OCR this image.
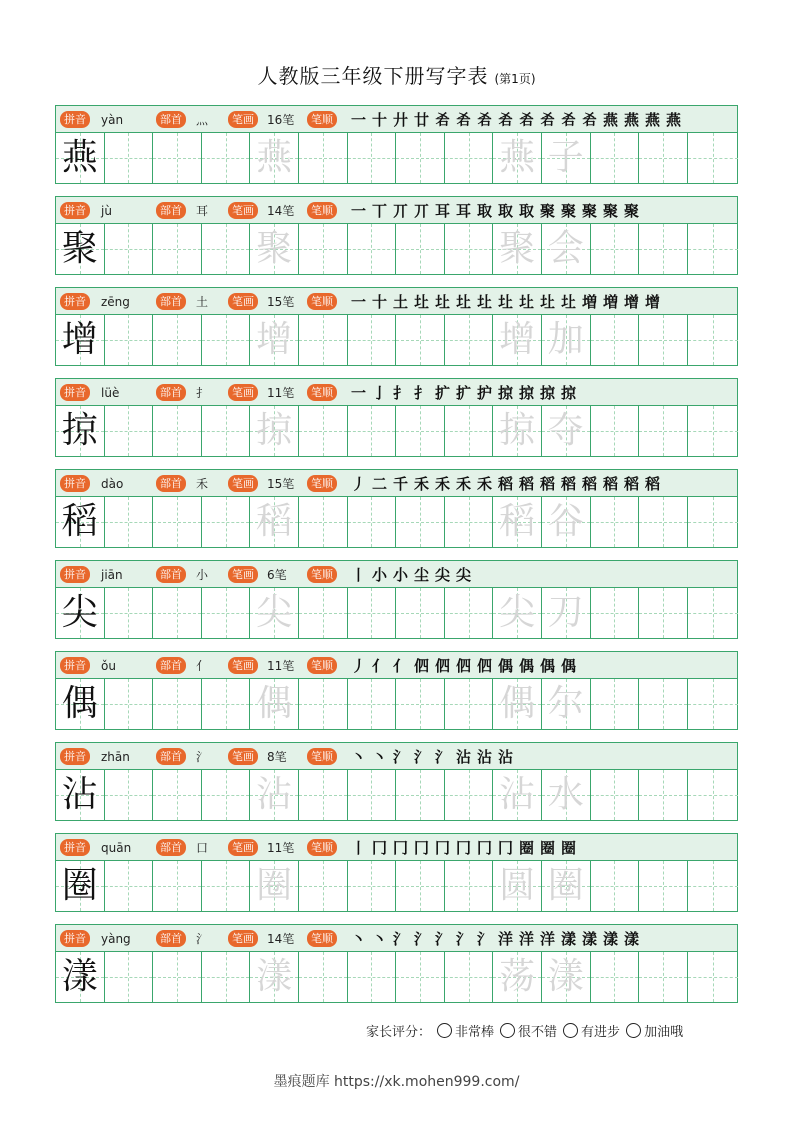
人教版三年级下册写字表 (第1页)
拼音	yàn	部首	灬	笔画	16笔	笔顺 一 十 廾 廿 𠯌 𠯌 𠯌 𠯌 𠯌 𠯌 𠯌 𠯌 燕 燕 燕 燕
燕	燕	燕 子
拼音	jù	部首	耳	笔画	14笔	笔顺 一 丅 丌 丌 耳 耳 取 取 取 聚 聚 聚 聚 聚
聚	聚	聚 会
拼音	zēng	部首	土	笔画	15笔	笔顺 一 十 土 圵 圵 圵 圵 圵 圵 圵 圵 増 増 增 增
增	增	增 加
拼音	lüè	部首	扌	笔画	11笔	笔顺 一 亅 扌 扌 扩 扩 护 掠 掠 掠 掠
掠	掠	掠 夺
拼音	dào	部首	禾	笔画	15笔	笔顺 丿 二 千 禾 禾 禾 禾 稻 稻 稻 稻 稻 稻 稻 稻
稻	稻	稻 谷
拼音	jiān	部首	小	笔画	6笔	笔顺 丨 小 小 尘 尖 尖
尖	尖	尖 刀
拼音	ǒu	部首	亻	笔画	11笔	笔顺 丿 亻 亻 伵 伵 伵 伵 偶 偶 偶 偶
偶	偶	偶 尔
拼音	zhān	部首	氵	笔画	8笔	笔顺 丶 丶 氵 氵 氵 沾 沾 沾
沾	沾	沾 水
拼音	quān	部首	口	笔画	11笔	笔顺 丨 冂 冂 冂 冂 冂 冂 冂 圈 圈 圈
圈	圈	圆 圈
拼音	yàng	部首	氵	笔画	14笔	笔顺 丶 丶 氵 氵 氵 氵 氵 洋 洋 洋 漾 漾 漾 漾
漾	漾	荡 漾
家长评分： 非常棒 很不错 有进步 加油哦
墨痕题库 https://xk.mohen999.com/
